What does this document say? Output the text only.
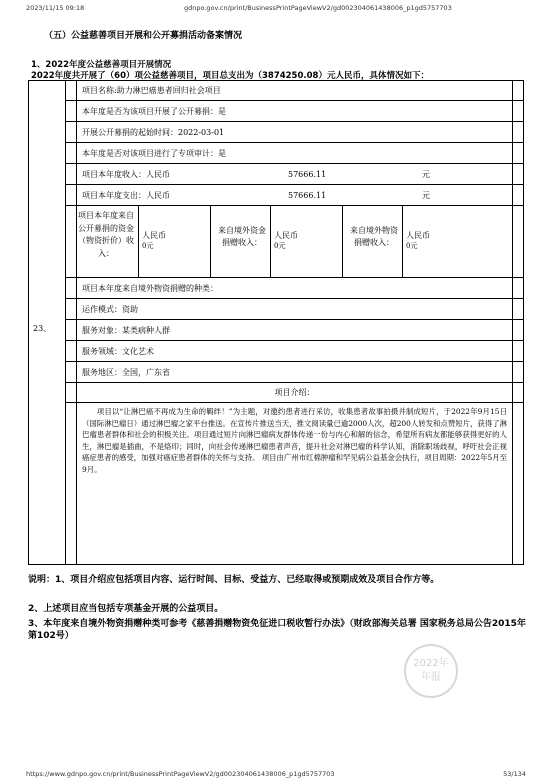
2023/11/15 09:18	gdnpo.gov.cn/print/BusinessPrintPageViewV2/gd002304061438006_p1gd5757703
（五）公益慈善项目开展和公开募捐活动备案情况
1、2022年度公益慈善项目开展情况
2022年度共开展了（60）项公益慈善项目，项目总支出为（3874250.08）元人民币，具体情况如下：
23、
项目名称:助力淋巴癌患者回归社会项目
本年度是否为该项目开展了公开募捐：是
开展公开募捐的起始时间：2022-03-01
本年度是否对该项目进行了专项审计：是
项目本年度收入：人民币	57666.11	元
项目本年度支出：人民币	57666.11	元
项目本年度来自公开募捐的资金（物资折价）收入：
人民币
0元
来自境外资金捐赠收入：
人民币
0元
来自境外物资捐赠收入：
人民币
0元
项目本年度来自境外物资捐赠的种类：
运作模式：资助
服务对象：某类病种人群
服务领域：文化艺术
服务地区：全国，广东省
项目介绍：
项目以“让淋巴癌不再成为生命的羁绊！”为主题，对邀约患者进行采访，收集患者故事拍摄并制成短片，于2022年9月15日（国际淋巴瘤日）通过淋巴瘤之家平台推送。在宣传片推送当天，推文阅读量已逾2000人次，超200人转发和点赞短片，获得了淋巴瘤患者群体和社会的积极关注。项目通过短片向淋巴瘤病友群体传递一份与内心和解的信念，希望所有病友都能够获得更好的人生，淋巴瘤是插曲，不是烙印；同时，向社会传递淋巴瘤患者声音，提升社会对淋巴瘤的科学认知，消除职场歧视，呼吁社会正视癌症患者的感受，加强对癌症患者群体的关怀与支持。 项目由广州市红棉肿瘤和罕见病公益基金会执行，项目周期：2022年5月至9月。
说明：1、项目介绍应包括项目内容、运行时间、目标、受益方、已经取得或预期成效及项目合作方等。
2、上述项目应当包括专项基金开展的公益项目。
3、本年度来自境外物资捐赠种类可参考《慈善捐赠物资免征进口税收暂行办法》（财政部海关总署 国家税务总局公告2015年第102号）
2022年
年报
https://www.gdnpo.gov.cn/print/BusinessPrintPageViewV2/gd002304061438006_p1gd5757703	53/134
